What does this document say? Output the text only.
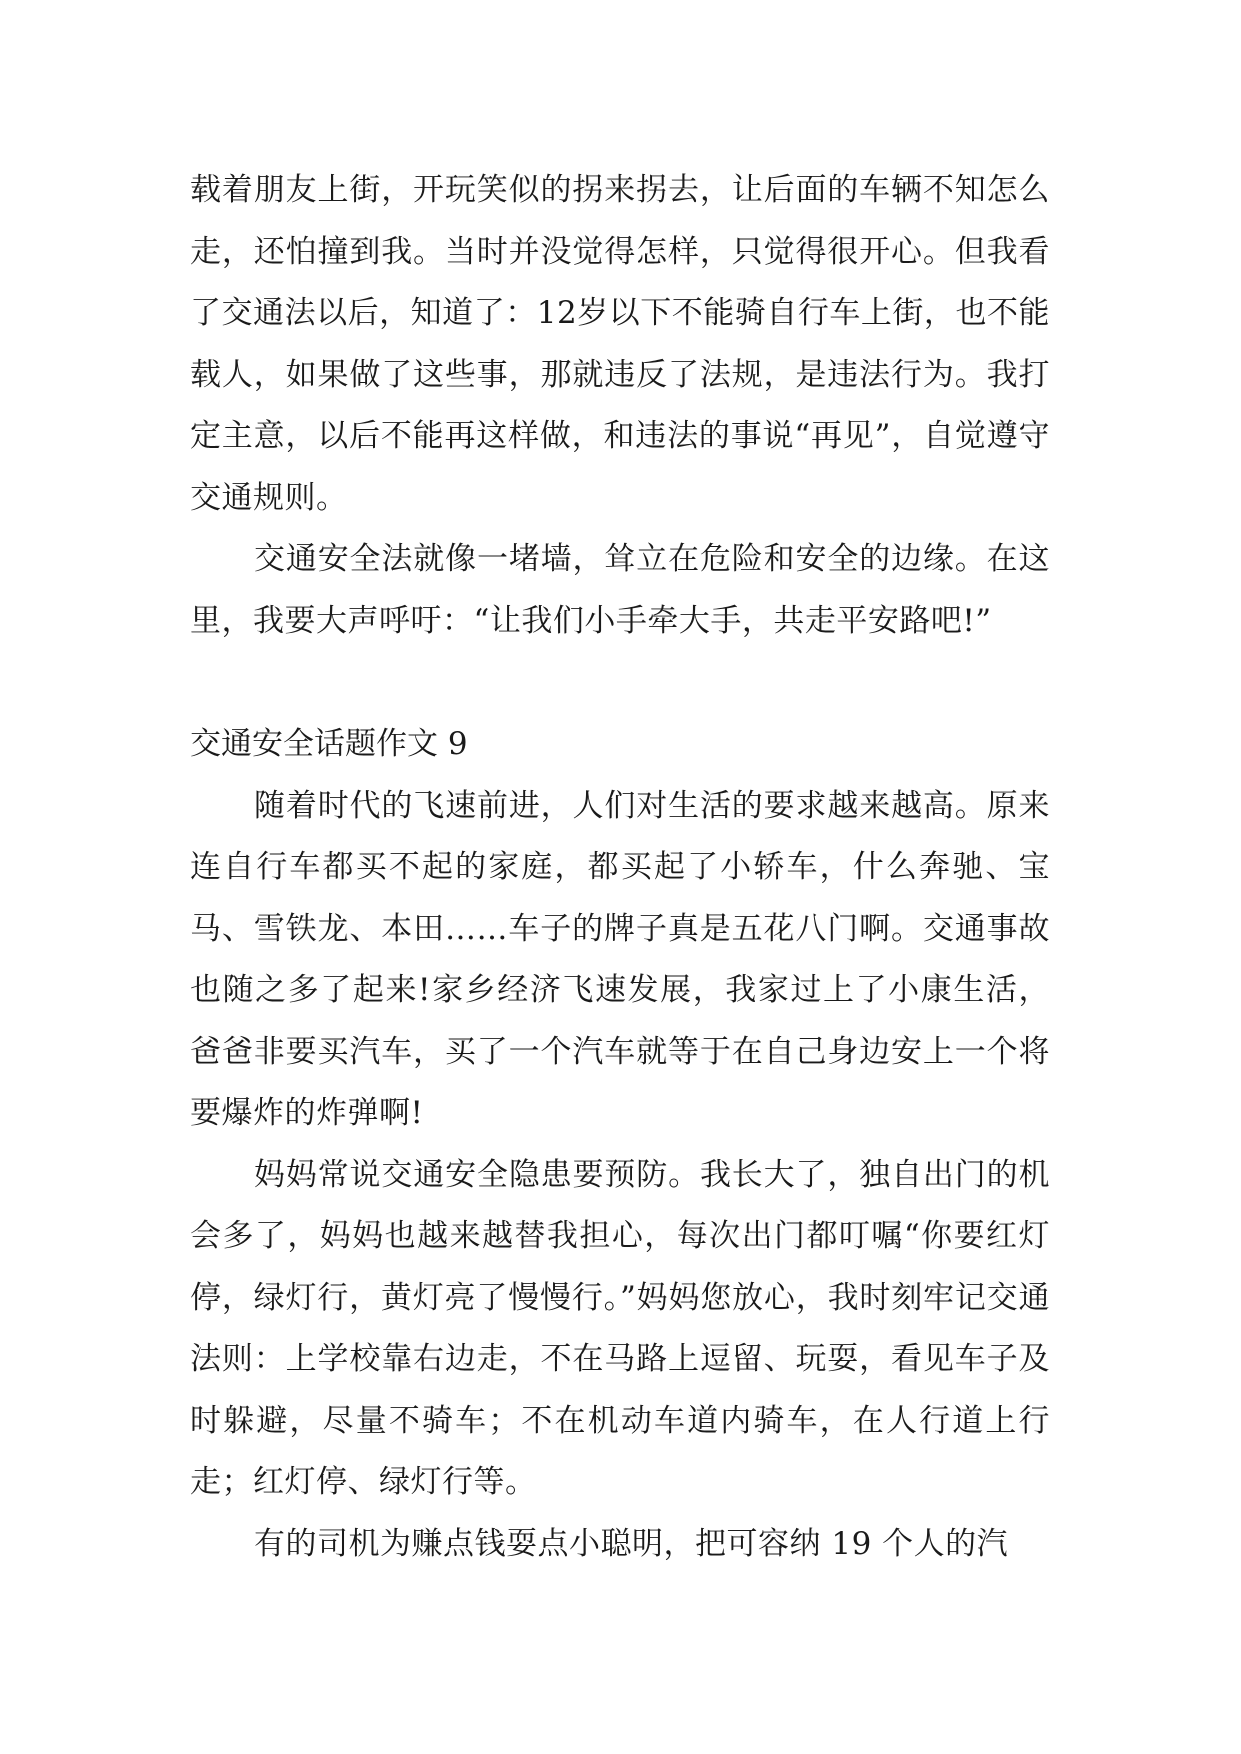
载着朋友上街，开玩笑似的拐来拐去，让后面的车辆不知怎么走，还怕撞到我。当时并没觉得怎样，只觉得很开心。但我看了交通法以后，知道了：12岁以下不能骑自行车上街，也不能载人，如果做了这些事，那就违反了法规，是违法行为。我打定主意，以后不能再这样做，和违法的事说“再见”，自觉遵守交通规则。

交通安全法就像一堵墙，耸立在危险和安全的边缘。在这里，我要大声呼吁：“让我们小手牵大手，共走平安路吧!”

交通安全话题作文 9

随着时代的飞速前进，人们对生活的要求越来越高。原来连自行车都买不起的家庭，都买起了小轿车，什么奔驰、宝马、雪铁龙、本田……车子的牌子真是五花八门啊。交通事故也随之多了起来!家乡经济飞速发展，我家过上了小康生活，爸爸非要买汽车，买了一个汽车就等于在自己身边安上一个将要爆炸的炸弹啊!

妈妈常说交通安全隐患要预防。我长大了，独自出门的机会多了，妈妈也越来越替我担心，每次出门都叮嘱“你要红灯停，绿灯行，黄灯亮了慢慢行。”妈妈您放心，我时刻牢记交通法则：上学校靠右边走，不在马路上逗留、玩耍，看见车子及时躲避，尽量不骑车；不在机动车道内骑车，在人行道上行走；红灯停、绿灯行等。

有的司机为赚点钱耍点小聪明，把可容纳 19 个人的汽
